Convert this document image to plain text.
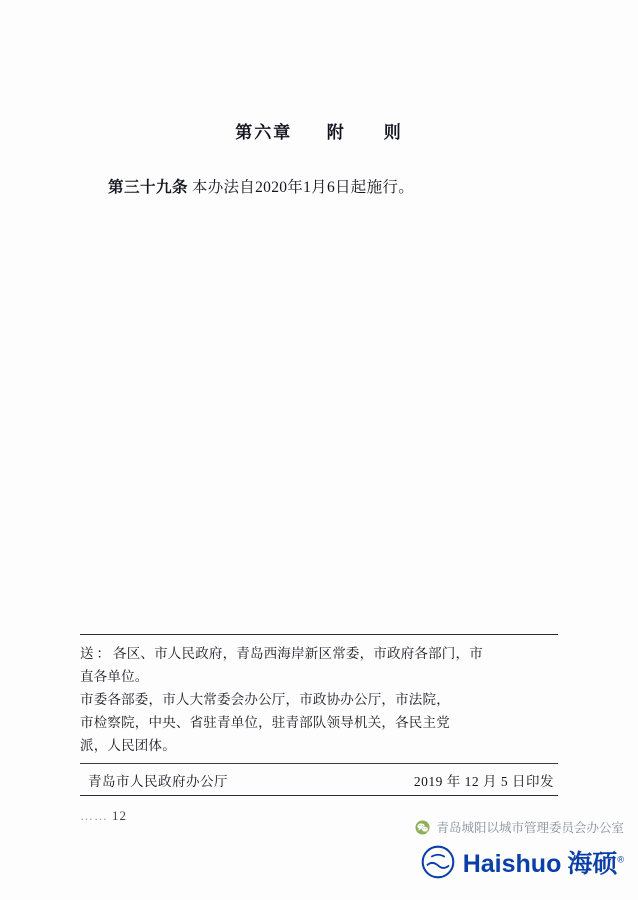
第六章 附　　则
第三十九条 本办法自2020年1月6日起施行。
送：各区、市人民政府，青岛西海岸新区常委，市政府各部门，市
直各单位。
市委各部委，市人大常委会办公厅，市政协办公厅，市法院，
市检察院，中央、省驻青单位，驻青部队领导机关，各民主党
派，人民团体。
青岛市人民政府办公厅	2019 年 12 月 5 日印发
…… 12
青岛城阳以城市管理委员会办公室
Haishuo 海硕®
